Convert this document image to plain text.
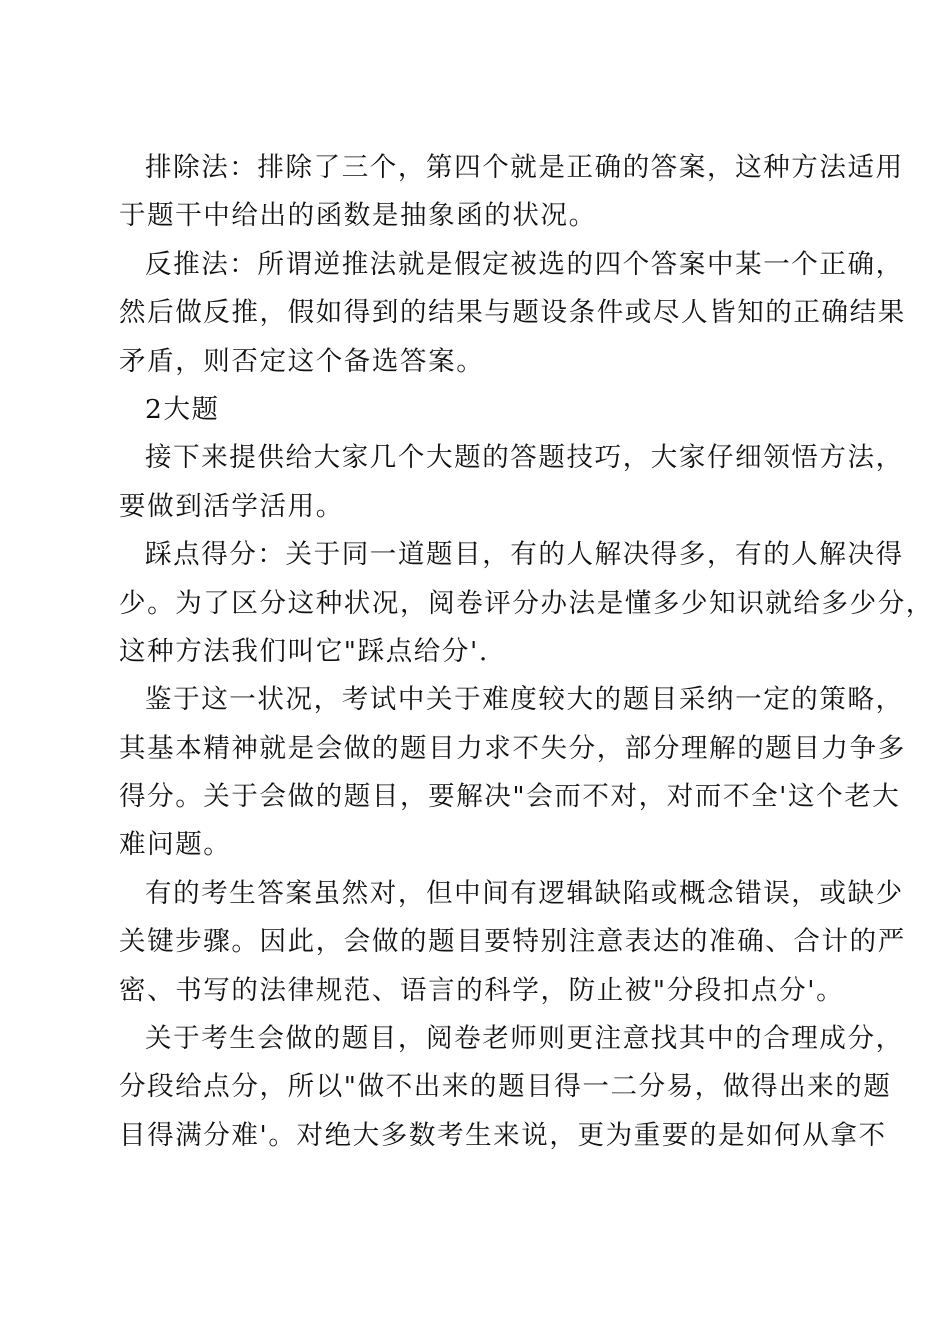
排除法：排除了三个，第四个就是正确的答案，这种方法适用
于题干中给出的函数是抽象函的状况。
反推法：所谓逆推法就是假定被选的四个答案中某一个正确，
然后做反推，假如得到的结果与题设条件或尽人皆知的正确结果
矛盾，则否定这个备选答案。
2大题
接下来提供给大家几个大题的答题技巧，大家仔细领悟方法，
要做到活学活用。
踩点得分：关于同一道题目，有的人解决得多，有的人解决得
少。为了区分这种状况，阅卷评分办法是懂多少知识就给多少分，
这种方法我们叫它"踩点给分'.
鉴于这一状况，考试中关于难度较大的题目采纳一定的策略，
其基本精神就是会做的题目力求不失分，部分理解的题目力争多
得分。关于会做的题目，要解决"会而不对，对而不全'这个老大
难问题。
有的考生答案虽然对，但中间有逻辑缺陷或概念错误，或缺少
关键步骤。因此，会做的题目要特别注意表达的准确、合计的严
密、书写的法律规范、语言的科学，防止被"分段扣点分'。
关于考生会做的题目，阅卷老师则更注意找其中的合理成分，
分段给点分，所以"做不出来的题目得一二分易，做得出来的题
目得满分难'。对绝大多数考生来说，更为重要的是如何从拿不
